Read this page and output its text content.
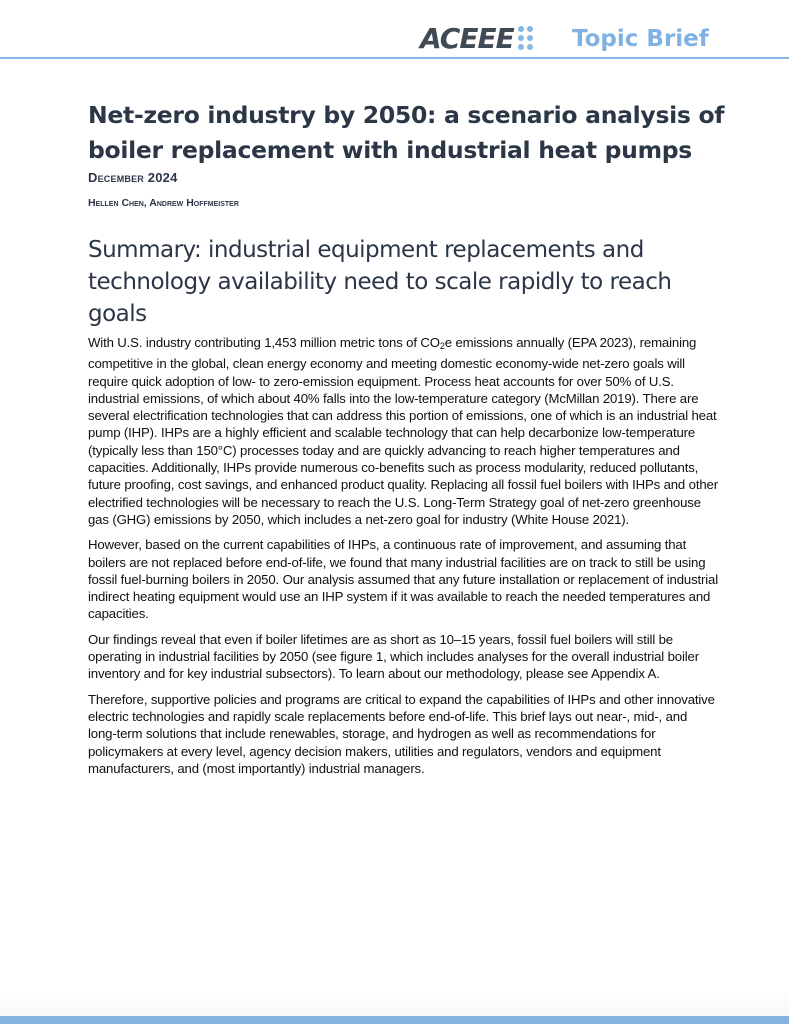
ACEEE	Topic Brief
Net-zero industry by 2050: a scenario analysis of boiler replacement with industrial heat pumps
December 2024
Hellen Chen, Andrew Hoffmeister
Summary: industrial equipment replacements and technology availability need to scale rapidly to reach goals

With U.S. industry contributing 1,453 million metric tons of $CO_2e$ emissions annually (EPA 2023), remaining competitive in the global, clean energy economy and meeting domestic economy-wide net-zero goals will require quick adoption of low- to zero-emission equipment. Process heat accounts for over 50% of U.S. industrial emissions, of which about 40% falls into the low-temperature category (McMillan 2019). There are several electrification technologies that can address this portion of emissions, one of which is an industrial heat pump (IHP). IHPs are a highly efficient and scalable technology that can help decarbonize low-temperature (typically less than 150°C) processes today and are quickly advancing to reach higher temperatures and capacities. Additionally, IHPs provide numerous co-benefits such as process modularity, reduced pollutants, future proofing, cost savings, and enhanced product quality. Replacing all fossil fuel boilers with IHPs and other electrified technologies will be necessary to reach the U.S. Long-Term Strategy goal of net-zero greenhouse gas (GHG) emissions by 2050, which includes a net-zero goal for industry (White House 2021).

However, based on the current capabilities of IHPs, a continuous rate of improvement, and assuming that boilers are not replaced before end-of-life, we found that many industrial facilities are on track to still be using fossil fuel-burning boilers in 2050. Our analysis assumed that any future installation or replacement of industrial indirect heating equipment would use an IHP system if it was available to reach the needed temperatures and capacities.

Our findings reveal that even if boiler lifetimes are as short as 10–15 years, fossil fuel boilers will still be operating in industrial facilities by 2050 (see figure 1, which includes analyses for the overall industrial boiler inventory and for key industrial subsectors). To learn about our methodology, please see Appendix A.

Therefore, supportive policies and programs are critical to expand the capabilities of IHPs and other innovative electric technologies and rapidly scale replacements before end-of-life. This brief lays out near-, mid-, and long-term solutions that include renewables, storage, and hydrogen as well as recommendations for policymakers at every level, agency decision makers, utilities and regulators, vendors and equipment manufacturers, and (most importantly) industrial managers.
